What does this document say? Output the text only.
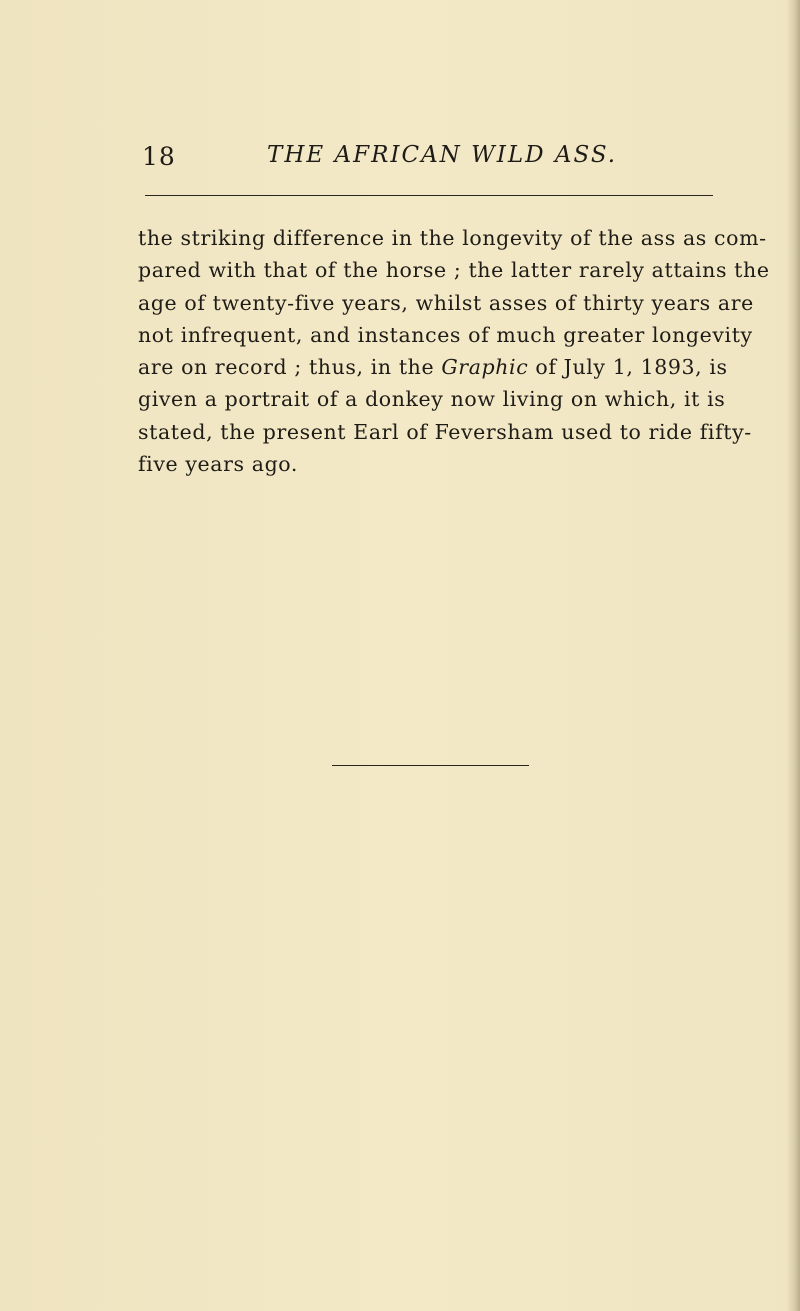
18	THE AFRICAN WILD ASS.
the striking difference in the longevity of the ass as com-
pared with that of the horse ; the latter rarely attains the
age of twenty-five years, whilst asses of thirty years are
not infrequent, and instances of much greater longevity
are on record ; thus, in the Graphic of July 1, 1893, is
given a portrait of a donkey now living on which, it is
stated, the present Earl of Feversham used to ride fifty-
five years ago.
